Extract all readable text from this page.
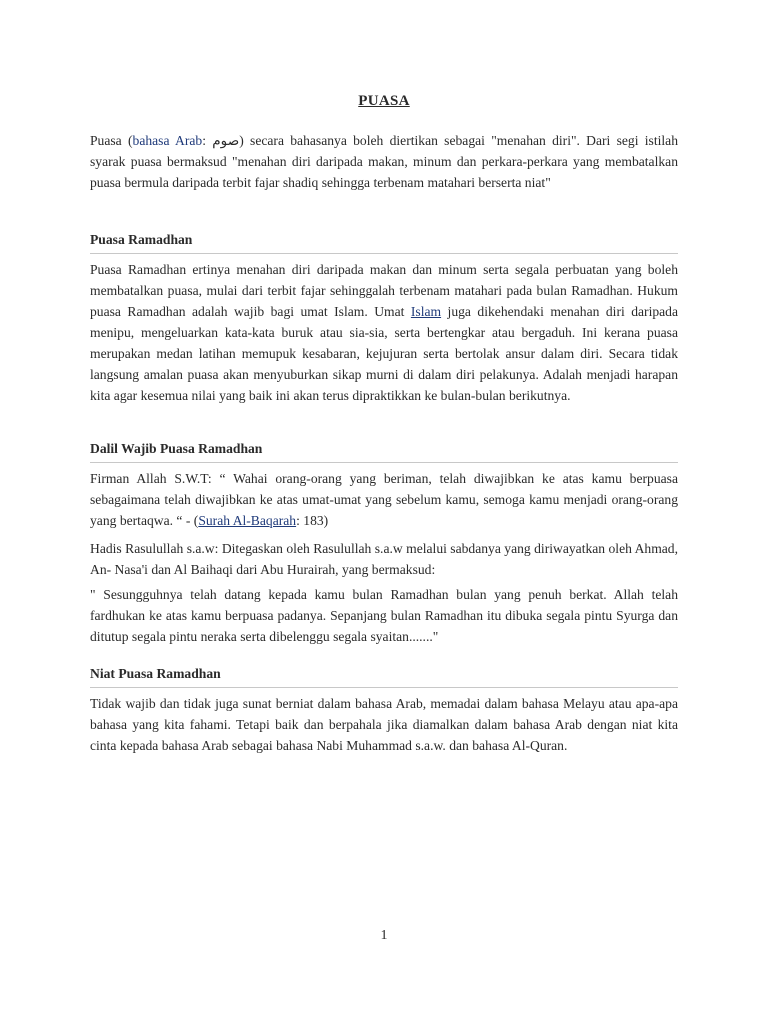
PUASA

Puasa (bahasa Arab: صوم) secara bahasanya boleh diertikan sebagai "menahan diri". Dari segi istilah syarak puasa bermaksud "menahan diri daripada makan, minum dan perkara-perkara yang membatalkan puasa bermula daripada terbit fajar shadiq sehingga terbenam matahari berserta niat"

Puasa Ramadhan

Puasa Ramadhan ertinya menahan diri daripada makan dan minum serta segala perbuatan yang boleh membatalkan puasa, mulai dari terbit fajar sehinggalah terbenam matahari pada bulan Ramadhan. Hukum puasa Ramadhan adalah wajib bagi umat Islam. Umat Islam juga dikehendaki menahan diri daripada menipu, mengeluarkan kata-kata buruk atau sia-sia, serta bertengkar atau bergaduh. Ini kerana puasa merupakan medan latihan memupuk kesabaran, kejujuran serta bertolak ansur dalam diri. Secara tidak langsung amalan puasa akan menyuburkan sikap murni di dalam diri pelakunya. Adalah menjadi harapan kita agar kesemua nilai yang baik ini akan terus dipraktikkan ke bulan-bulan berikutnya.

Dalil Wajib Puasa Ramadhan

Firman Allah S.W.T: “ Wahai orang-orang yang beriman, telah diwajibkan ke atas kamu berpuasa sebagaimana telah diwajibkan ke atas umat-umat yang sebelum kamu, semoga kamu menjadi orang-orang yang bertaqwa. “ - (Surah Al-Baqarah: 183)

Hadis Rasulullah s.a.w: Ditegaskan oleh Rasulullah s.a.w melalui sabdanya yang diriwayatkan oleh Ahmad, An- Nasa'i dan Al Baihaqi dari Abu Hurairah, yang bermaksud:

" Sesungguhnya telah datang kepada kamu bulan Ramadhan bulan yang penuh berkat. Allah telah fardhukan ke atas kamu berpuasa padanya. Sepanjang bulan Ramadhan itu dibuka segala pintu Syurga dan ditutup segala pintu neraka serta dibelenggu segala syaitan......."

Niat Puasa Ramadhan

Tidak wajib dan tidak juga sunat berniat dalam bahasa Arab, memadai dalam bahasa Melayu atau apa-apa bahasa yang kita fahami. Tetapi baik dan berpahala jika diamalkan dalam bahasa Arab dengan niat kita cinta kepada bahasa Arab sebagai bahasa Nabi Muhammad s.a.w. dan bahasa Al-Quran.

1
